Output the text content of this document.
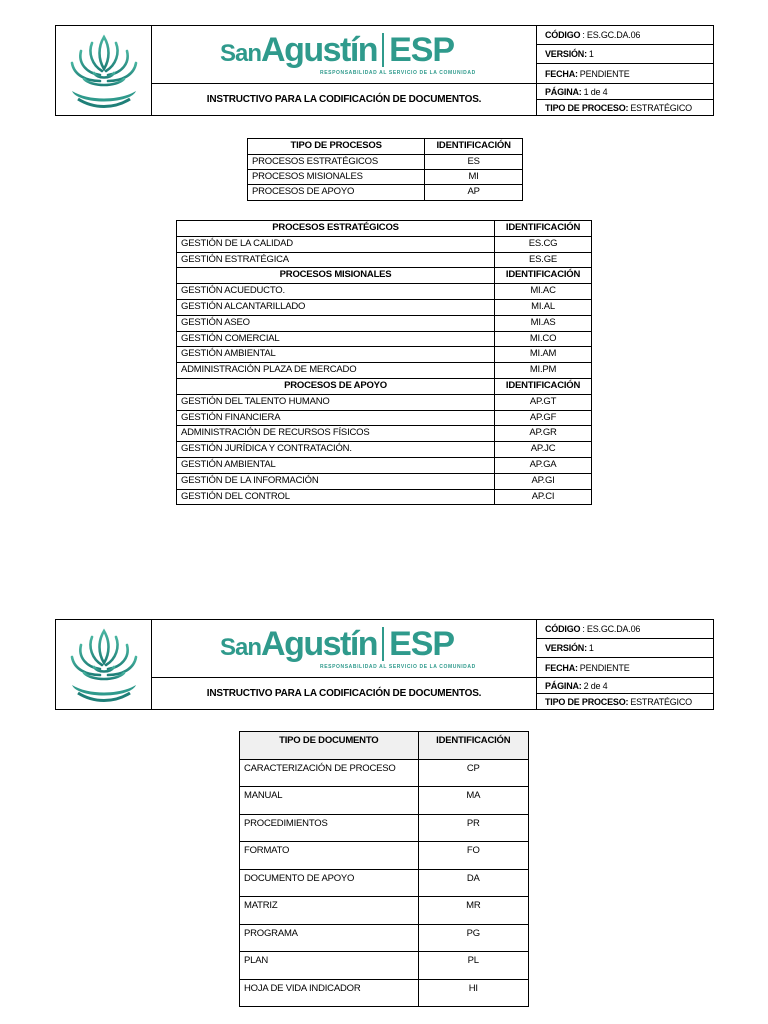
SanAgustín ESP
RESPONSABILIDAD AL SERVICIO DE LA COMUNIDAD
INSTRUCTIVO PARA LA CODIFICACIÓN DE DOCUMENTOS.
CÓDIGO : ES.GC.DA.06
VERSIÓN: 1
FECHA: PENDIENTE
PÁGINA: 1 de 4
TIPO DE PROCESO: ESTRATÉGICO
TIPO DE PROCESOS	IDENTIFICACIÓN
PROCESOS ESTRATÉGICOS	ES
PROCESOS MISIONALES	MI
PROCESOS DE APOYO	AP
PROCESOS ESTRATÉGICOS	IDENTIFICACIÓN
GESTIÓN DE LA CALIDAD	ES.CG
GESTIÓN ESTRATÉGICA	ES.GE
PROCESOS MISIONALES	IDENTIFICACIÓN
GESTIÓN ACUEDUCTO.	MI.AC
GESTIÓN ALCANTARILLADO	MI.AL
GESTIÓN ASEO	MI.AS
GESTIÓN COMERCIAL	MI.CO
GESTIÓN AMBIENTAL	MI.AM
ADMINISTRACIÓN PLAZA DE MERCADO	MI.PM
PROCESOS DE APOYO	IDENTIFICACIÓN
GESTIÓN DEL TALENTO HUMANO	AP.GT
GESTIÓN FINANCIERA	AP.GF
ADMINISTRACIÓN DE RECURSOS FÍSICOS	AP.GR
GESTIÓN JURÍDICA Y CONTRATACIÓN.	AP.JC
GESTIÓN AMBIENTAL	AP.GA
GESTIÓN DE LA INFORMACIÓN	AP.GI
GESTIÓN DEL CONTROL	AP.CI
SanAgustín ESP
RESPONSABILIDAD AL SERVICIO DE LA COMUNIDAD
INSTRUCTIVO PARA LA CODIFICACIÓN DE DOCUMENTOS.
CÓDIGO : ES.GC.DA.06
VERSIÓN: 1
FECHA: PENDIENTE
PÁGINA: 2 de 4
TIPO DE PROCESO: ESTRATÉGICO
TIPO DE DOCUMENTO	IDENTIFICACIÓN
CARACTERIZACIÓN DE PROCESO	CP
MANUAL	MA
PROCEDIMIENTOS	PR
FORMATO	FO
DOCUMENTO DE APOYO	DA
MATRIZ	MR
PROGRAMA	PG
PLAN	PL
HOJA DE VIDA INDICADOR	HI
